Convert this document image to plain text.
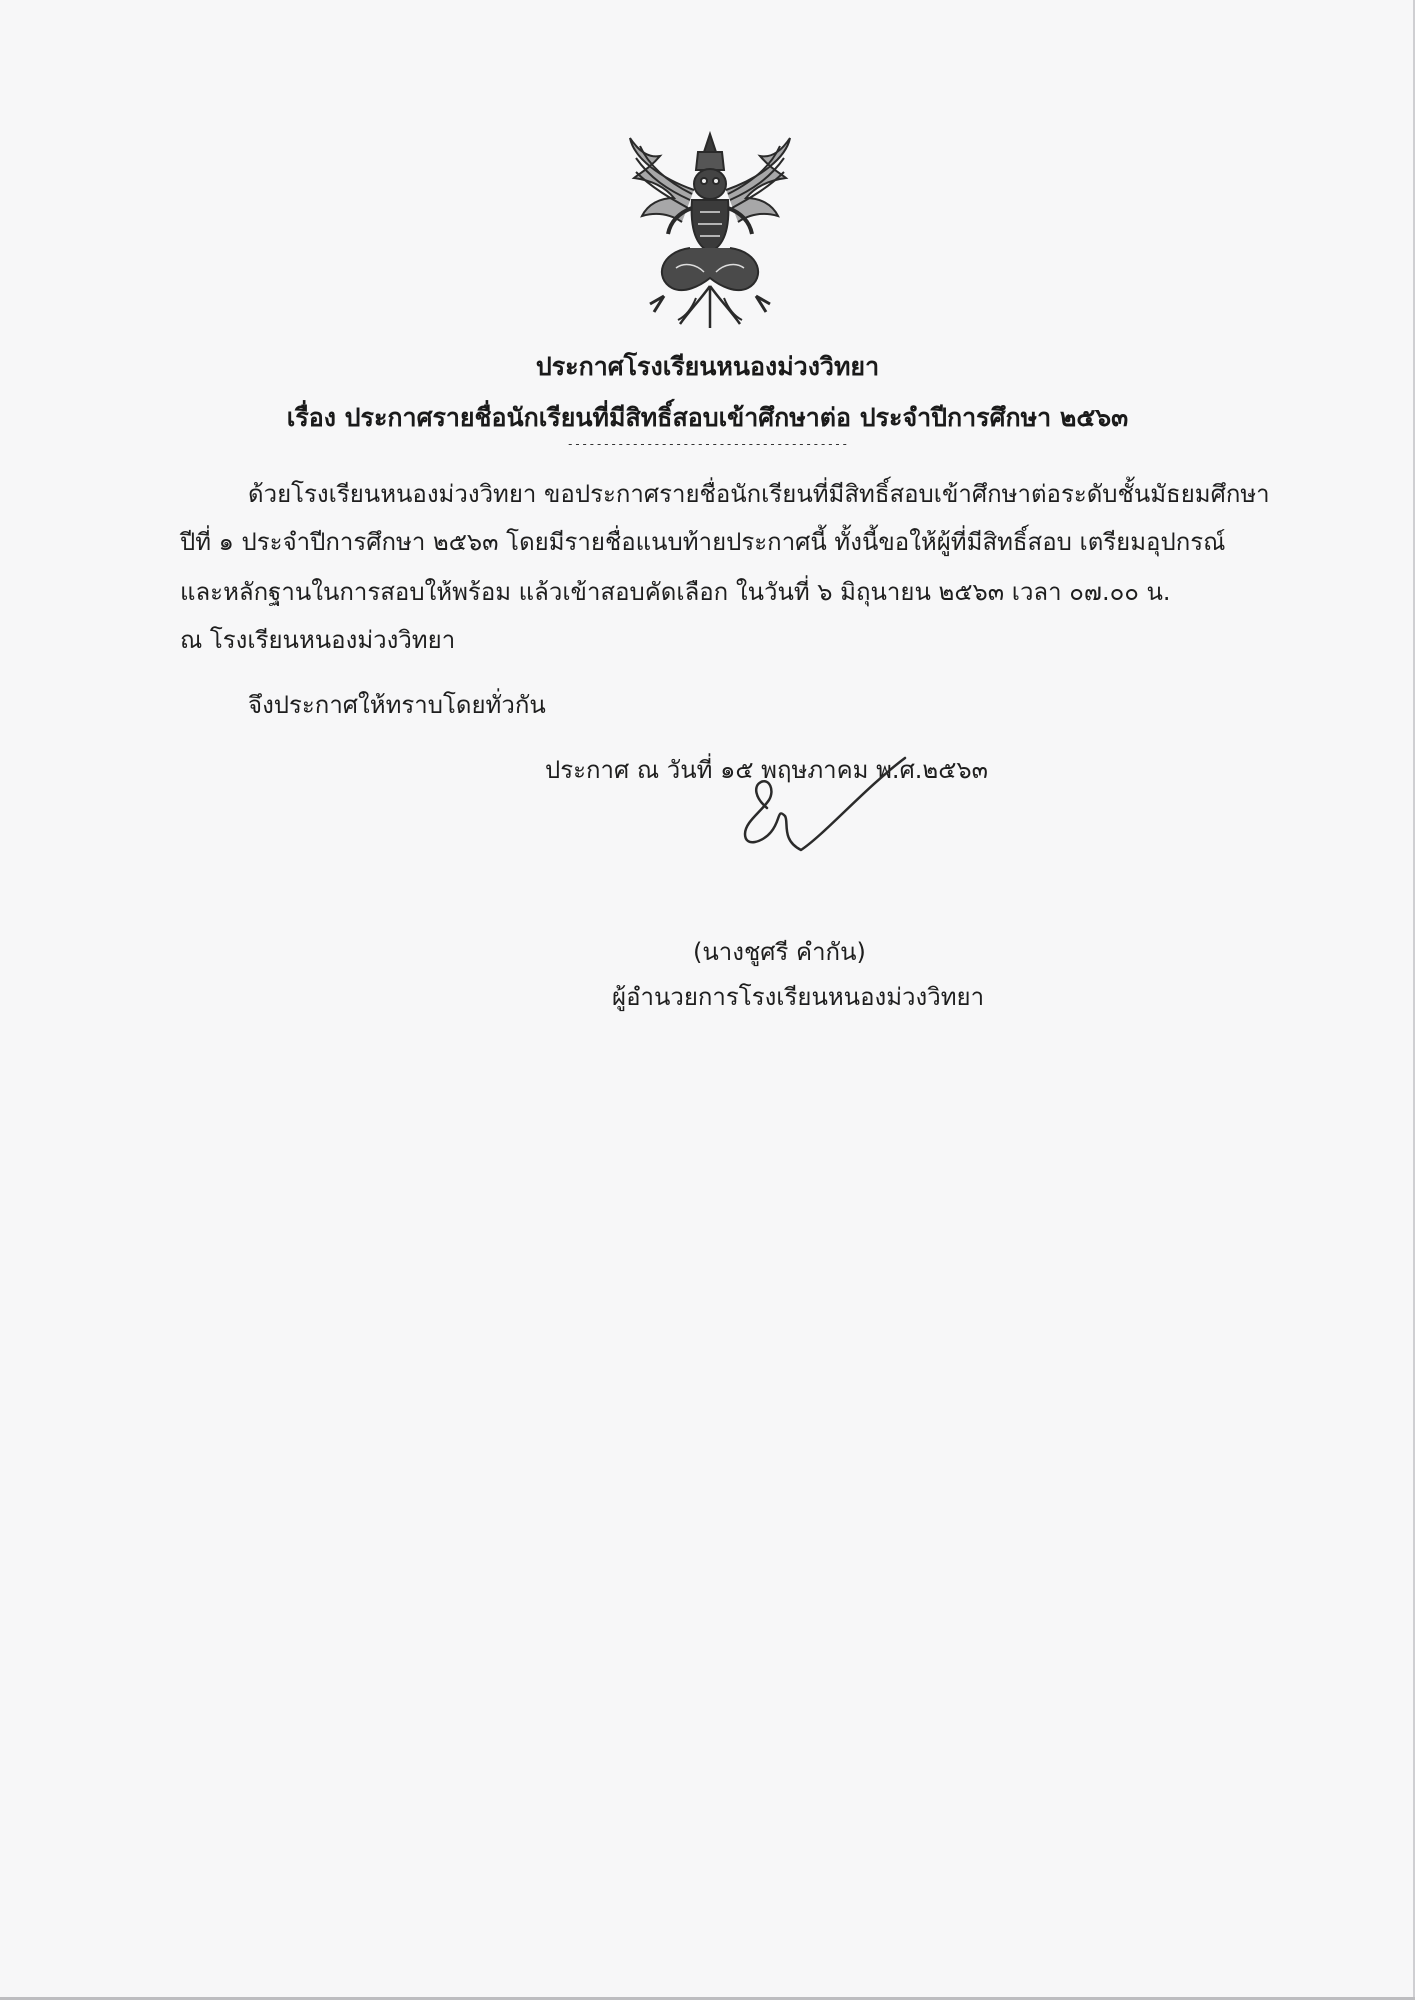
ประกาศโรงเรียนหนองม่วงวิทยา
เรื่อง ประกาศรายชื่อนักเรียนที่มีสิทธิ์สอบเข้าศึกษาต่อ ประจำปีการศึกษา ๒๕๖๓
---------------------------------------
ด้วยโรงเรียนหนองม่วงวิทยา ขอประกาศรายชื่อนักเรียนที่มีสิทธิ์สอบเข้าศึกษาต่อระดับชั้นมัธยมศึกษา
ปีที่ ๑ ประจำปีการศึกษา ๒๕๖๓ โดยมีรายชื่อแนบท้ายประกาศนี้ ทั้งนี้ขอให้ผู้ที่มีสิทธิ์สอบ เตรียมอุปกรณ์
และหลักฐานในการสอบให้พร้อม แล้วเข้าสอบคัดเลือก ในวันที่ ๖ มิถุนายน ๒๕๖๓ เวลา ๐๗.๐๐ น.
ณ โรงเรียนหนองม่วงวิทยา
จึงประกาศให้ทราบโดยทั่วกัน
ประกาศ ณ วันที่ ๑๕ พฤษภาคม พ.ศ.๒๕๖๓
(นางชูศรี คำกัน)
ผู้อำนวยการโรงเรียนหนองม่วงวิทยา
